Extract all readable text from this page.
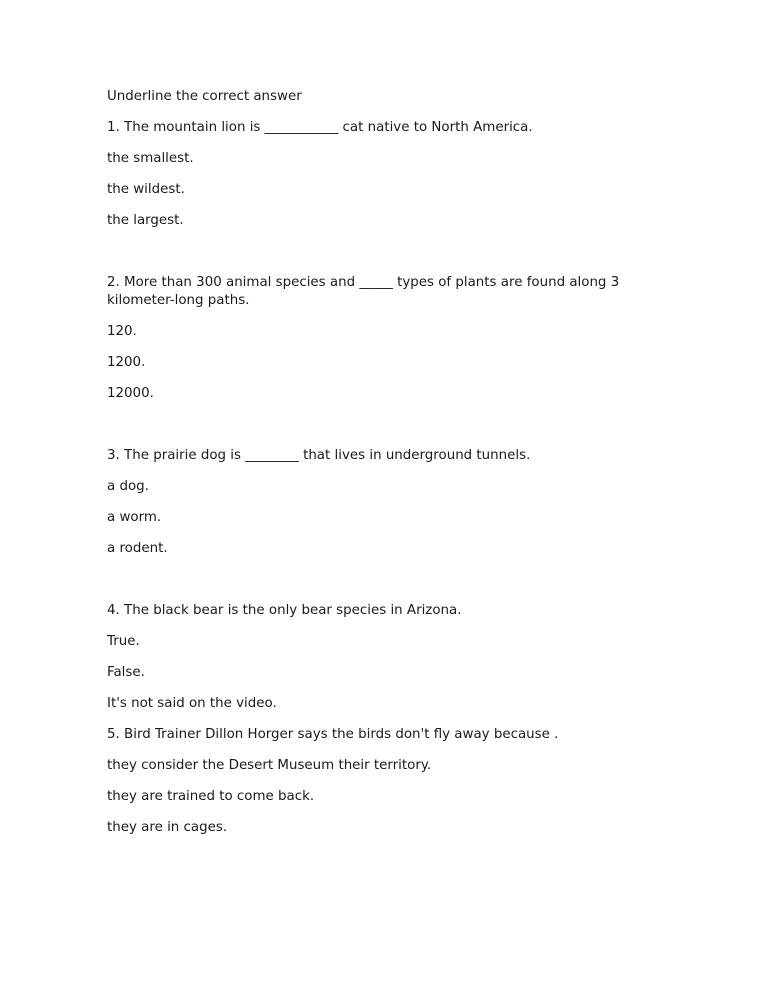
Underline the correct answer

1. The mountain lion is ___________ cat native to North America.

the smallest.

the wildest.

the largest.

2. More than 300 animal species and _____ types of plants are found along 3 kilometer-long paths.

120.

1200.

12000.

3. The prairie dog is ________ that lives in underground tunnels.

a dog.

a worm.

a rodent.

4. The black bear is the only bear species in Arizona.

True.

False.

It's not said on the video.

5. Bird Trainer Dillon Horger says the birds don't fly away because .

they consider the Desert Museum their territory.

they are trained to come back.

they are in cages.
